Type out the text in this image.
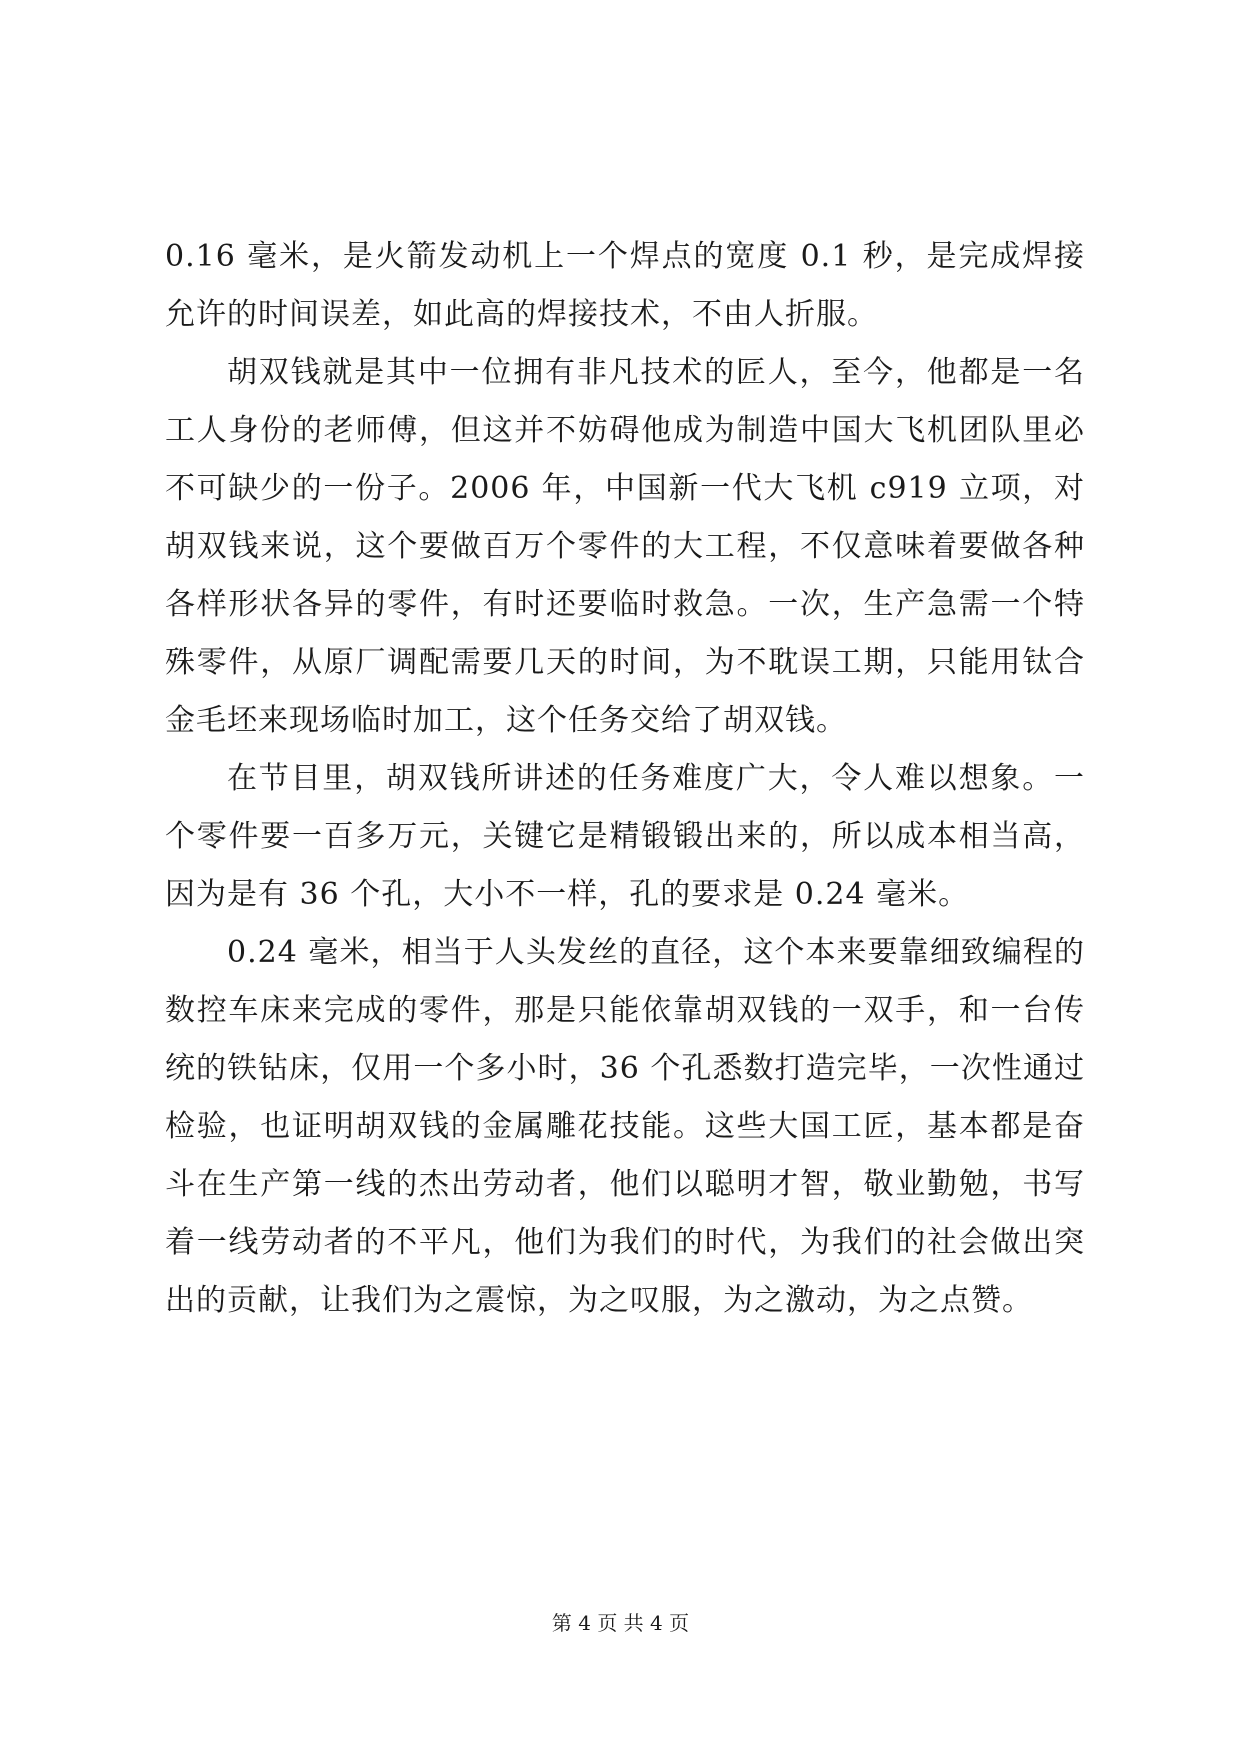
0.16 毫米，是火箭发动机上一个焊点的宽度 0.1 秒，是完成焊接允许的时间误差，如此高的焊接技术，不由人折服。

胡双钱就是其中一位拥有非凡技术的匠人，至今，他都是一名工人身份的老师傅，但这并不妨碍他成为制造中国大飞机团队里必不可缺少的一份子。2006 年，中国新一代大飞机 c919 立项，对胡双钱来说，这个要做百万个零件的大工程，不仅意味着要做各种各样形状各异的零件，有时还要临时救急。一次，生产急需一个特殊零件，从原厂调配需要几天的时间，为不耽误工期，只能用钛合金毛坯来现场临时加工，这个任务交给了胡双钱。

在节目里，胡双钱所讲述的任务难度广大，令人难以想象。一个零件要一百多万元，关键它是精锻锻出来的，所以成本相当高，因为是有 36 个孔，大小不一样，孔的要求是 0.24 毫米。

0.24 毫米，相当于人头发丝的直径，这个本来要靠细致编程的数控车床来完成的零件，那是只能依靠胡双钱的一双手，和一台传统的铁钻床，仅用一个多小时，36 个孔悉数打造完毕，一次性通过检验，也证明胡双钱的金属雕花技能。这些大国工匠，基本都是奋斗在生产第一线的杰出劳动者，他们以聪明才智，敬业勤勉，书写着一线劳动者的不平凡，他们为我们的时代，为我们的社会做出突出的贡献，让我们为之震惊，为之叹服，为之激动，为之点赞。

第 4 页 共 4 页
